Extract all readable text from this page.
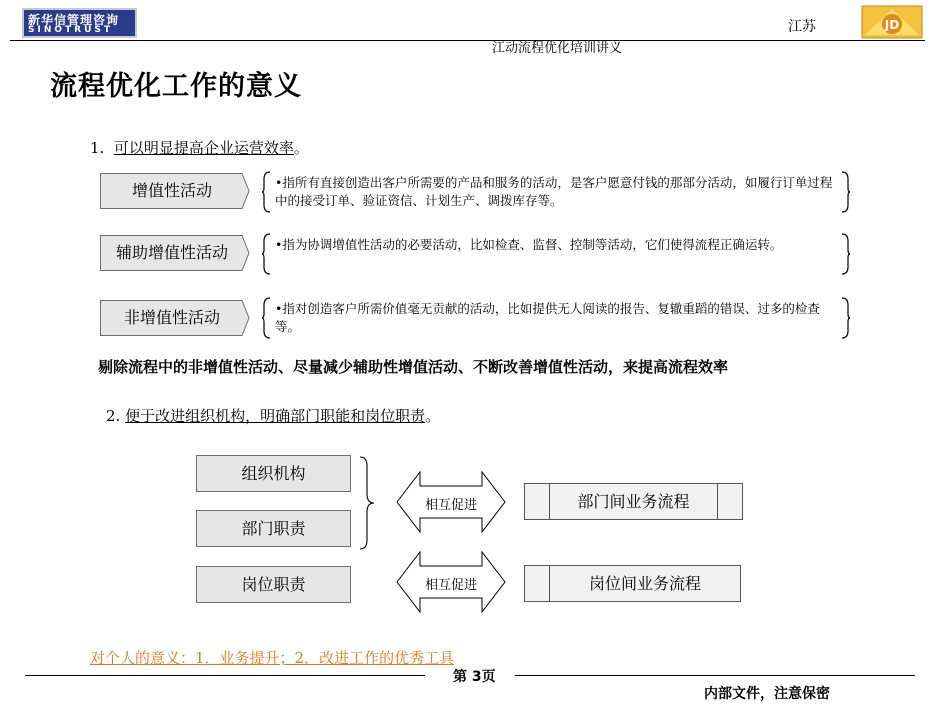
新华信管理咨询
SINOTRUST	江苏	JD
江动流程优化培训讲义
流程优化工作的意义
1. 可以明显提高企业运营效率。
增值性活动	•指所有直接创造出客户所需要的产品和服务的活动，是客户愿意付钱的那部分活动，如履行订单过程中的接受订单、验证资信、计划生产、调拨库存等。
辅助增值性活动	•指为协调增值性活动的必要活动，比如检查、监督、控制等活动，它们使得流程正确运转。
非增值性活动	•指对创造客户所需价值毫无贡献的活动，比如提供无人阅读的报告、复辙重蹈的错误、过多的检查等。
剔除流程中的非增值性活动、尽量减少辅助性增值活动、不断改善增值性活动，来提高流程效率
2. 便于改进组织机构，明确部门职能和岗位职责。
组织机构
部门职责
岗位职责
相互促进
相互促进
部门间业务流程
岗位间业务流程
对个人的意义：1．业务提升；2．改进工作的优秀工具
第 3页
内部文件，注意保密
